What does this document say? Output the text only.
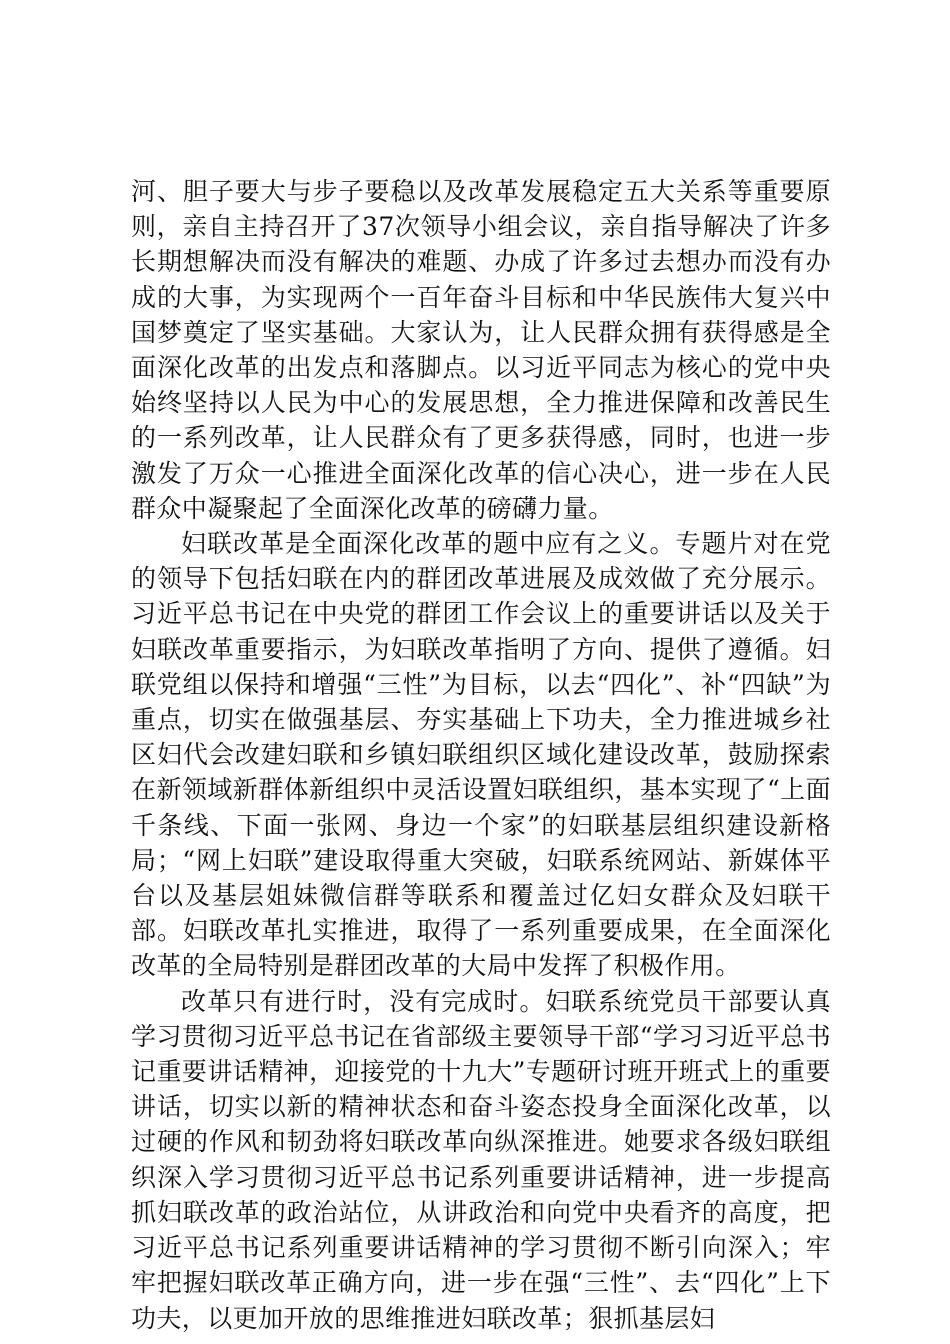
河、胆子要大与步子要稳以及改革发展稳定五大关系等重要原则，亲自主持召开了37次领导小组会议，亲自指导解决了许多长期想解决而没有解决的难题、办成了许多过去想办而没有办成的大事，为实现两个一百年奋斗目标和中华民族伟大复兴中国梦奠定了坚实基础。大家认为，让人民群众拥有获得感是全面深化改革的出发点和落脚点。以习近平同志为核心的党中央始终坚持以人民为中心的发展思想，全力推进保障和改善民生的一系列改革，让人民群众有了更多获得感，同时，也进一步激发了万众一心推进全面深化改革的信心决心，进一步在人民群众中凝聚起了全面深化改革的磅礴力量。

妇联改革是全面深化改革的题中应有之义。专题片对在党的领导下包括妇联在内的群团改革进展及成效做了充分展示。习近平总书记在中央党的群团工作会议上的重要讲话以及关于妇联改革重要指示，为妇联改革指明了方向、提供了遵循。妇联党组以保持和增强“三性”为目标，以去“四化”、补“四缺”为重点，切实在做强基层、夯实基础上下功夫，全力推进城乡社区妇代会改建妇联和乡镇妇联组织区域化建设改革，鼓励探索在新领域新群体新组织中灵活设置妇联组织，基本实现了“上面千条线、下面一张网、身边一个家”的妇联基层组织建设新格局；“网上妇联”建设取得重大突破，妇联系统网站、新媒体平台以及基层姐妹微信群等联系和覆盖过亿妇女群众及妇联干部。妇联改革扎实推进，取得了一系列重要成果，在全面深化改革的全局特别是群团改革的大局中发挥了积极作用。

改革只有进行时，没有完成时。妇联系统党员干部要认真学习贯彻习近平总书记在省部级主要领导干部“学习习近平总书记重要讲话精神，迎接党的十九大”专题研讨班开班式上的重要讲话，切实以新的精神状态和奋斗姿态投身全面深化改革，以过硬的作风和韧劲将妇联改革向纵深推进。她要求各级妇联组织深入学习贯彻习近平总书记系列重要讲话精神，进一步提高抓妇联改革的政治站位，从讲政治和向党中央看齐的高度，把习近平总书记系列重要讲话精神的学习贯彻不断引向深入；牢牢把握妇联改革正确方向，进一步在强“三性”、去“四化”上下功夫，以更加开放的思维推进妇联改革；狠抓基层妇
